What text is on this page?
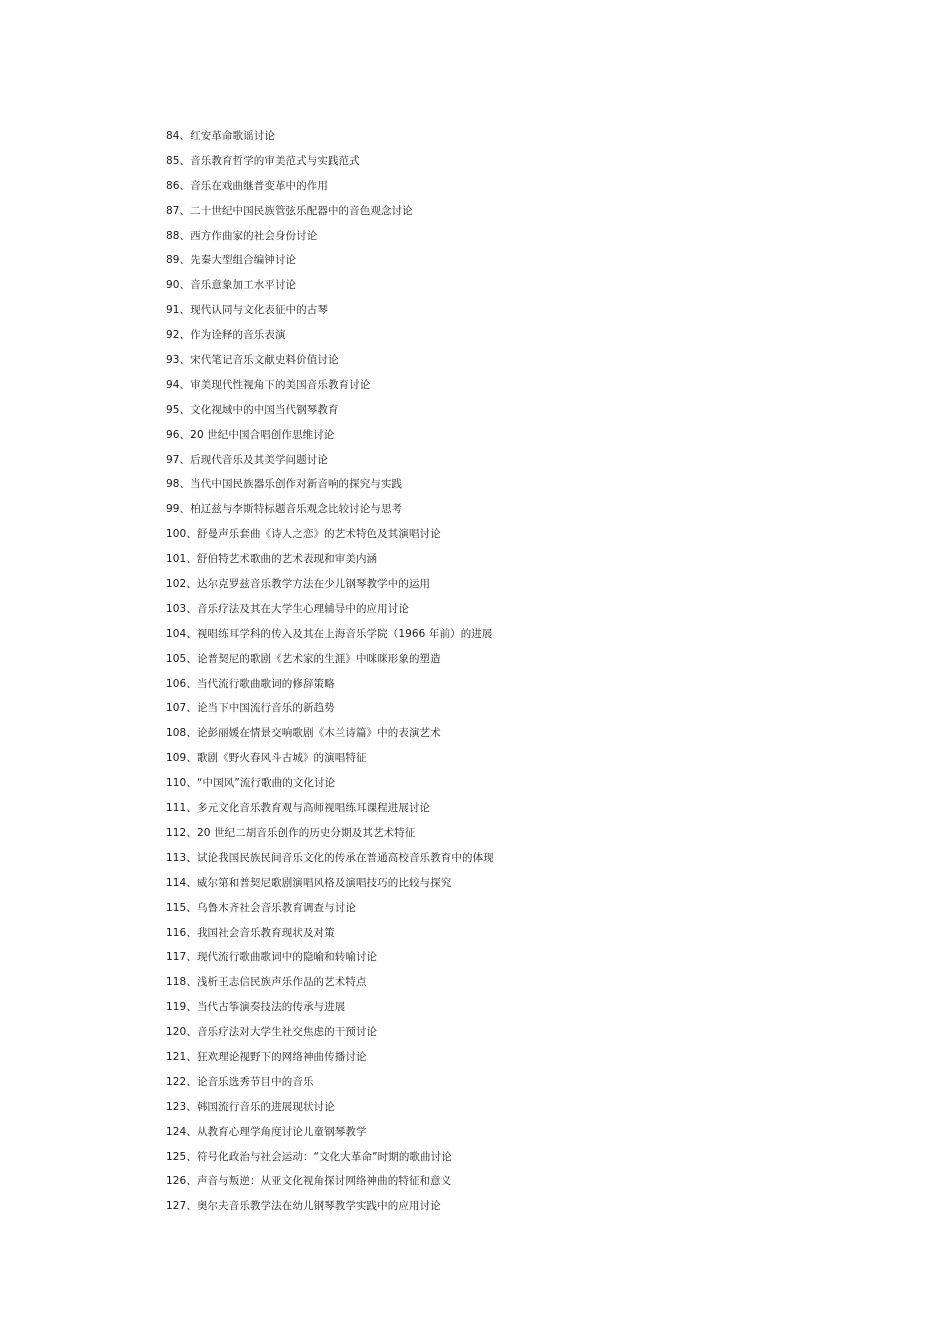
84、红安革命歌谣讨论
85、音乐教育哲学的审美范式与实践范式
86、音乐在戏曲继普变革中的作用
87、二十世纪中国民族管弦乐配器中的音色观念讨论
88、西方作曲家的社会身份讨论
89、先秦大型组合编钟讨论
90、音乐意象加工水平讨论
91、现代认同与文化表征中的古琴
92、作为诠释的音乐表演
93、宋代笔记音乐文献史料价值讨论
94、审美现代性视角下的美国音乐教育讨论
95、文化视域中的中国当代钢琴教育
96、20 世纪中国合唱创作思维讨论
97、后现代音乐及其美学问题讨论
98、当代中国民族器乐创作对新音响的探究与实践
99、柏辽兹与李斯特标题音乐观念比较讨论与思考
100、舒曼声乐套曲《诗人之恋》的艺术特色及其演唱讨论
101、舒伯特艺术歌曲的艺术表现和审美内涵
102、达尔克罗兹音乐教学方法在少儿钢琴教学中的运用
103、音乐疗法及其在大学生心理辅导中的应用讨论
104、视唱练耳学科的传入及其在上海音乐学院（1966 年前）的进展
105、论普契尼的歌剧《艺术家的生涯》中咪咪形象的塑造
106、当代流行歌曲歌词的修辞策略
107、论当下中国流行音乐的新趋势
108、论彭丽媛在情景交响歌剧《木兰诗篇》中的表演艺术
109、歌剧《野火春风斗古城》的演唱特征
110、“中国风”流行歌曲的文化讨论
111、多元文化音乐教育观与高师视唱练耳课程进展讨论
112、20 世纪二胡音乐创作的历史分期及其艺术特征
113、试论我国民族民间音乐文化的传承在普通高校音乐教育中的体现
114、威尔第和普契尼歌剧演唱风格及演唱技巧的比较与探究
115、乌鲁木齐社会音乐教育调查与讨论
116、我国社会音乐教育现状及对策
117、现代流行歌曲歌词中的隐喻和转喻讨论
118、浅析王志信民族声乐作品的艺术特点
119、当代古筝演奏技法的传承与进展
120、音乐疗法对大学生社交焦虑的干预讨论
121、狂欢理论视野下的网络神曲传播讨论
122、论音乐选秀节目中的音乐
123、韩国流行音乐的进展现状讨论
124、从教育心理学角度讨论儿童钢琴教学
125、符号化政治与社会运动：“文化大革命”时期的歌曲讨论
126、声音与叛逆：从亚文化视角探讨网络神曲的特征和意义
127、奥尔夫音乐教学法在幼儿钢琴教学实践中的应用讨论
